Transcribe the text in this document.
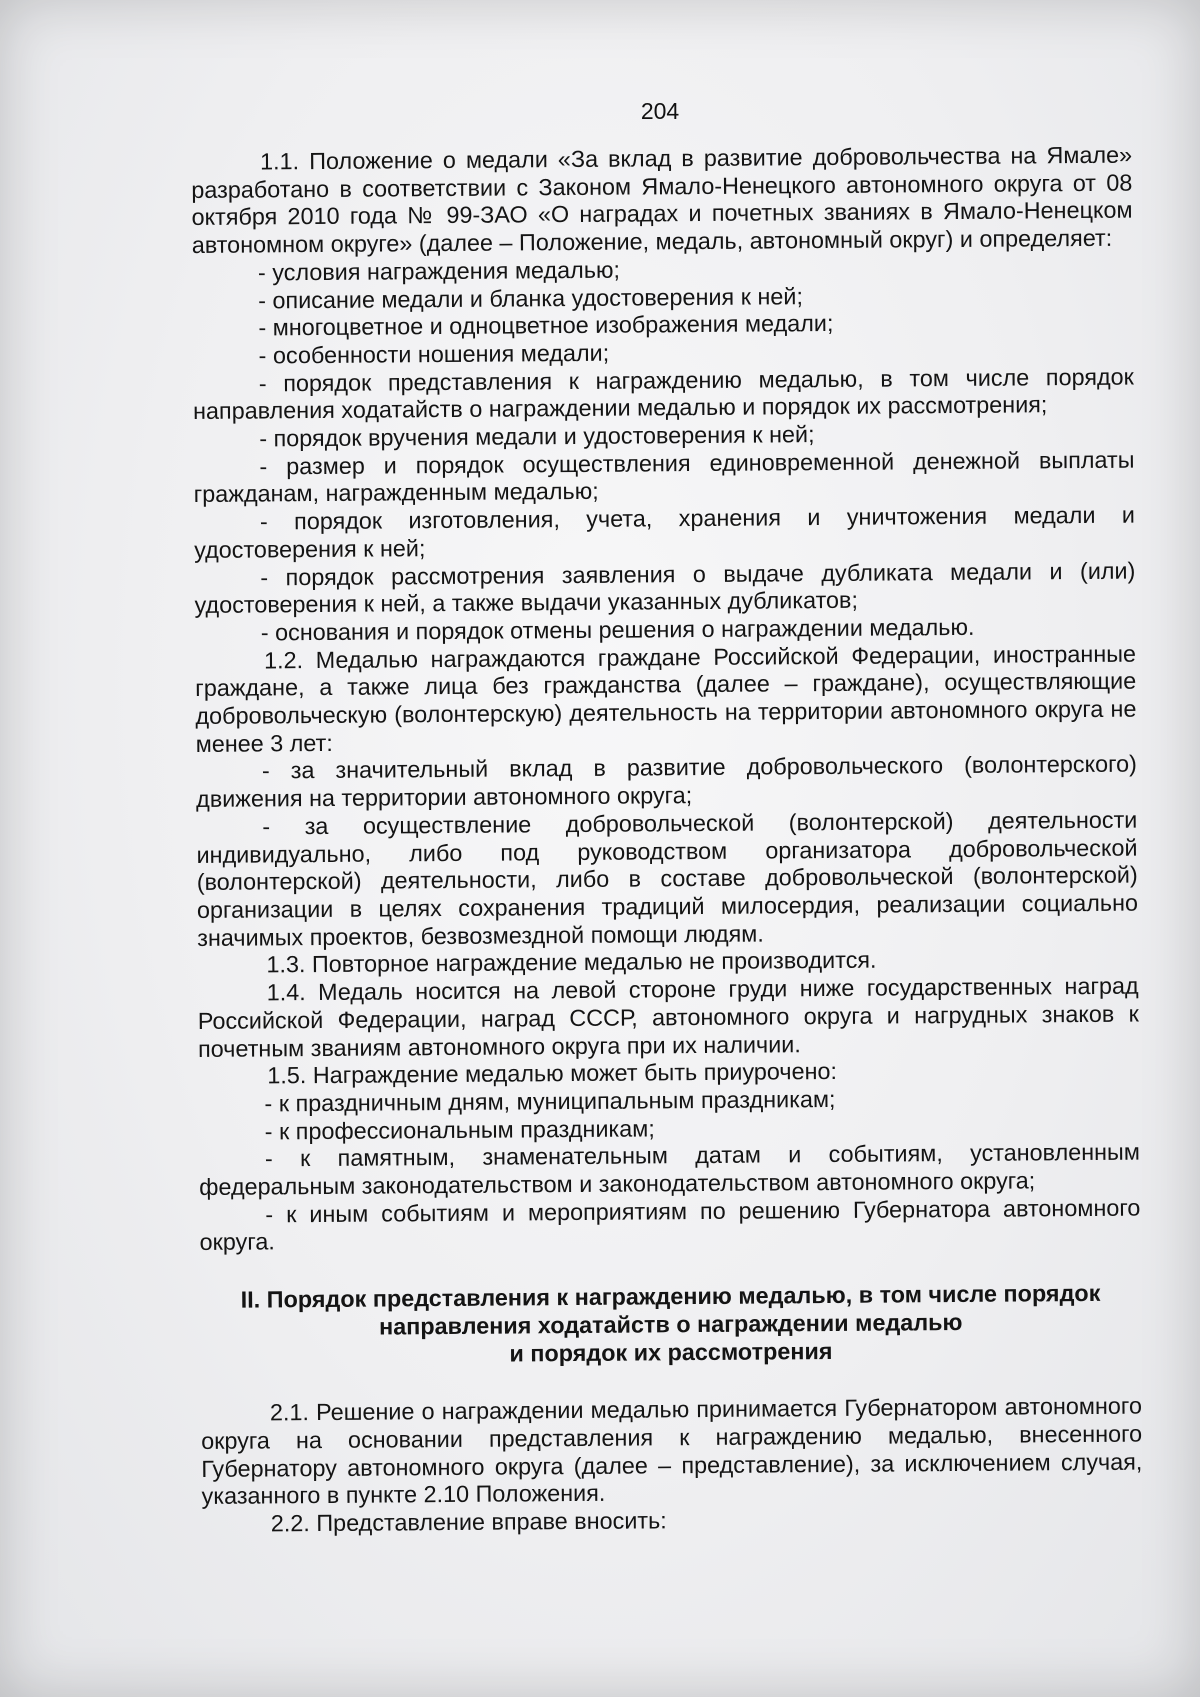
204

1.1. Положение о медали «За вклад в развитие добровольчества на Ямале» разработано в соответствии с Законом Ямало-Ненецкого автономного округа от 08 октября 2010 года № 99-ЗАО «О наградах и почетных званиях в Ямало-Ненецком автономном округе» (далее – Положение, медаль, автономный округ) и определяет:

- условия награждения медалью;

- описание медали и бланка удостоверения к ней;

- многоцветное и одноцветное изображения медали;

- особенности ношения медали;

- порядок представления к награждению медалью, в том числе порядок направления ходатайств о награждении медалью и порядок их рассмотрения;

- порядок вручения медали и удостоверения к ней;

- размер и порядок осуществления единовременной денежной выплаты гражданам, награжденным медалью;

- порядок изготовления, учета, хранения и уничтожения медали и удостоверения к ней;

- порядок рассмотрения заявления о выдаче дубликата медали и (или) удостоверения к ней, а также выдачи указанных дубликатов;

- основания и порядок отмены решения о награждении медалью.

1.2. Медалью награждаются граждане Российской Федерации, иностранные граждане, а также лица без гражданства (далее – граждане), осуществляющие добровольческую (волонтерскую) деятельность на территории автономного округа не менее 3 лет:

- за значительный вклад в развитие добровольческого (волонтерского) движения на территории автономного округа;

- за осуществление добровольческой (волонтерской) деятельности индивидуально, либо под руководством организатора добровольческой (волонтерской) деятельности, либо в составе добровольческой (волонтерской) организации в целях сохранения традиций милосердия, реализации социально значимых проектов, безвозмездной помощи людям.

1.3. Повторное награждение медалью не производится.

1.4. Медаль носится на левой стороне груди ниже государственных наград Российской Федерации, наград СССР, автономного округа и нагрудных знаков к почетным званиям автономного округа при их наличии.

1.5. Награждение медалью может быть приурочено:

- к праздничным дням, муниципальным праздникам;

- к профессиональным праздникам;

- к памятным, знаменательным датам и событиям, установленным федеральным законодательством и законодательством автономного округа;

- к иным событиям и мероприятиям по решению Губернатора автономного округа.

II. Порядок представления к награждению медалью, в том числе порядок
направления ходатайств о награждении медалью
и порядок их рассмотрения

2.1. Решение о награждении медалью принимается Губернатором автономного округа на основании представления к награждению медалью, внесенного Губернатору автономного округа (далее – представление), за исключением случая, указанного в пункте 2.10 Положения.

2.2. Представление вправе вносить:
